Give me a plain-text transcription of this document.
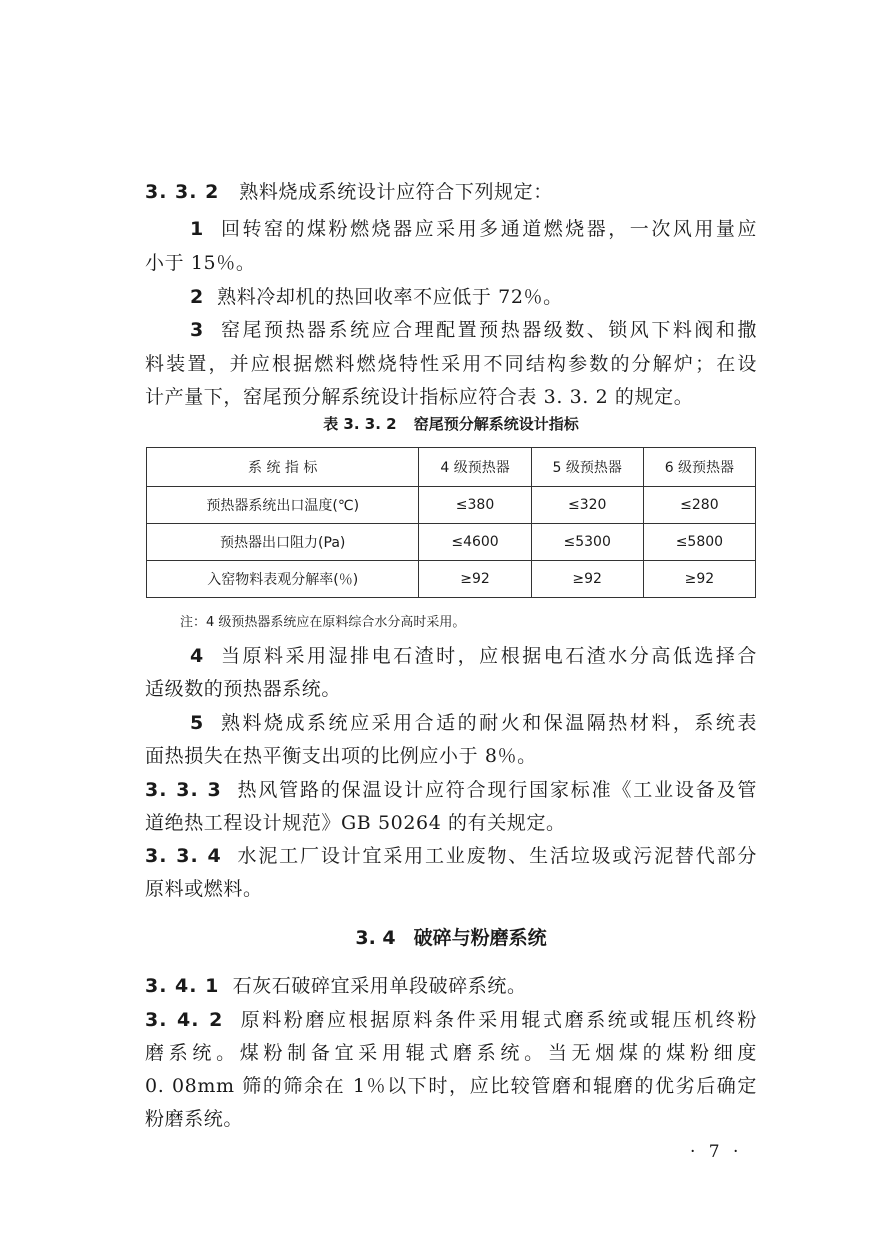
3. 3. 2 熟料烧成系统设计应符合下列规定：
1 回转窑的煤粉燃烧器应采用多通道燃烧器，一次风用量应
小于 15％。
2 熟料冷却机的热回收率不应低于 72％。
3 窑尾预热器系统应合理配置预热器级数、锁风下料阀和撒
料装置，并应根据燃料燃烧特性采用不同结构参数的分解炉；在设
计产量下，窑尾预分解系统设计指标应符合表 3. 3. 2 的规定。
表 3. 3. 2 窑尾预分解系统设计指标
系 统 指 标	4 级预热器	5 级预热器	6 级预热器
预热器系统出口温度(℃)	≤380	≤320	≤280
预热器出口阻力(Pa)	≤4600	≤5300	≤5800
入窑物料表观分解率(％)	≥92	≥92	≥92
注：4 级预热器系统应在原料综合水分高时采用。
4 当原料采用湿排电石渣时，应根据电石渣水分高低选择合
适级数的预热器系统。
5 熟料烧成系统应采用合适的耐火和保温隔热材料，系统表
面热损失在热平衡支出项的比例应小于 8％。
3. 3. 3 热风管路的保温设计应符合现行国家标准《工业设备及管
道绝热工程设计规范》GB 50264 的有关规定。
3. 3. 4 水泥工厂设计宜采用工业废物、生活垃圾或污泥替代部分
原料或燃料。
3. 4 破碎与粉磨系统
3. 4. 1 石灰石破碎宜采用单段破碎系统。
3. 4. 2 原料粉磨应根据原料条件采用辊式磨系统或辊压机终粉
磨系统。煤粉制备宜采用辊式磨系统。当无烟煤的煤粉细度
0. 08mm 筛的筛余在 1％以下时，应比较管磨和辊磨的优劣后确定
粉磨系统。
· 7 ·
